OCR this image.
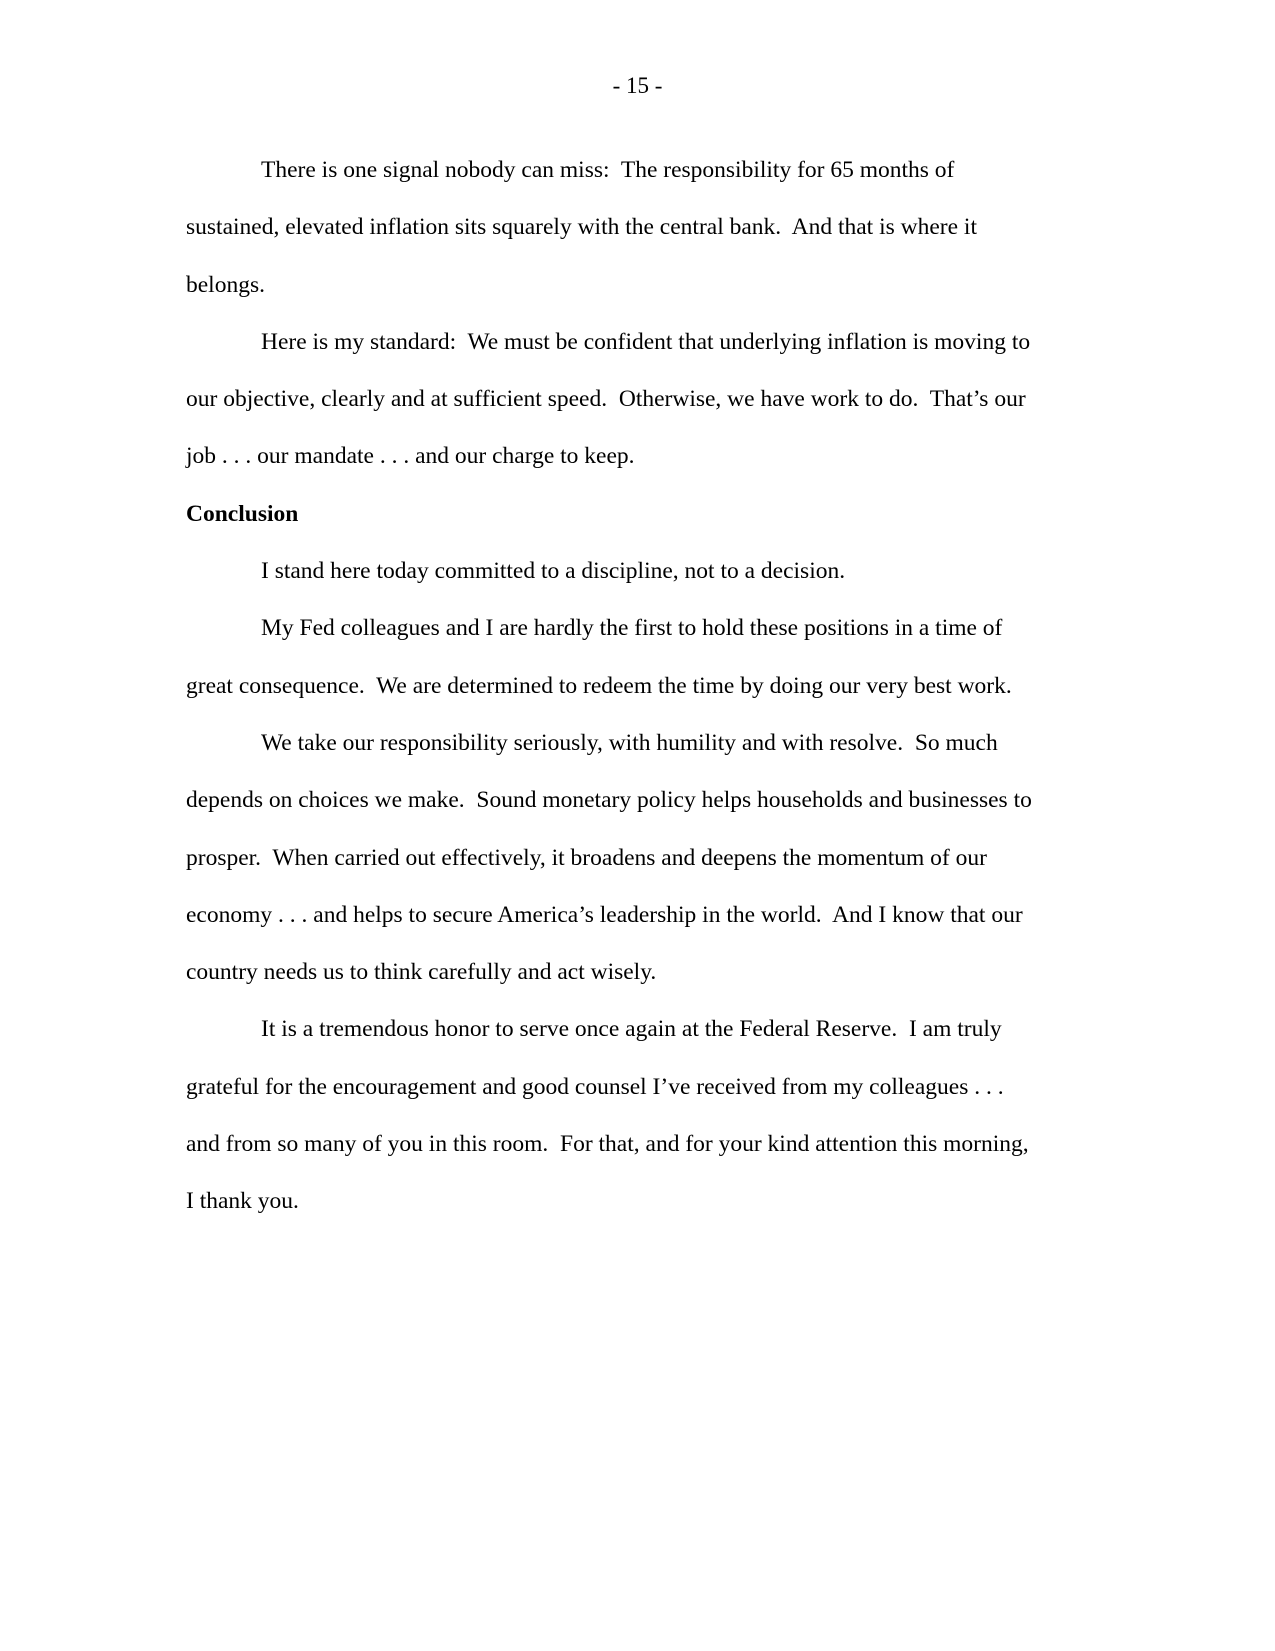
- 15 -
There is one signal nobody can miss:  The responsibility for 65 months of
sustained, elevated inflation sits squarely with the central bank.  And that is where it
belongs.
Here is my standard:  We must be confident that underlying inflation is moving to
our objective, clearly and at sufficient speed.  Otherwise, we have work to do.  That’s our
job . . . our mandate . . . and our charge to keep.
Conclusion
I stand here today committed to a discipline, not to a decision.
My Fed colleagues and I are hardly the first to hold these positions in a time of
great consequence.  We are determined to redeem the time by doing our very best work.
We take our responsibility seriously, with humility and with resolve.  So much
depends on choices we make.  Sound monetary policy helps households and businesses to
prosper.  When carried out effectively, it broadens and deepens the momentum of our
economy . . . and helps to secure America’s leadership in the world.  And I know that our
country needs us to think carefully and act wisely.
It is a tremendous honor to serve once again at the Federal Reserve.  I am truly
grateful for the encouragement and good counsel I’ve received from my colleagues . . .
and from so many of you in this room.  For that, and for your kind attention this morning,
I thank you.
